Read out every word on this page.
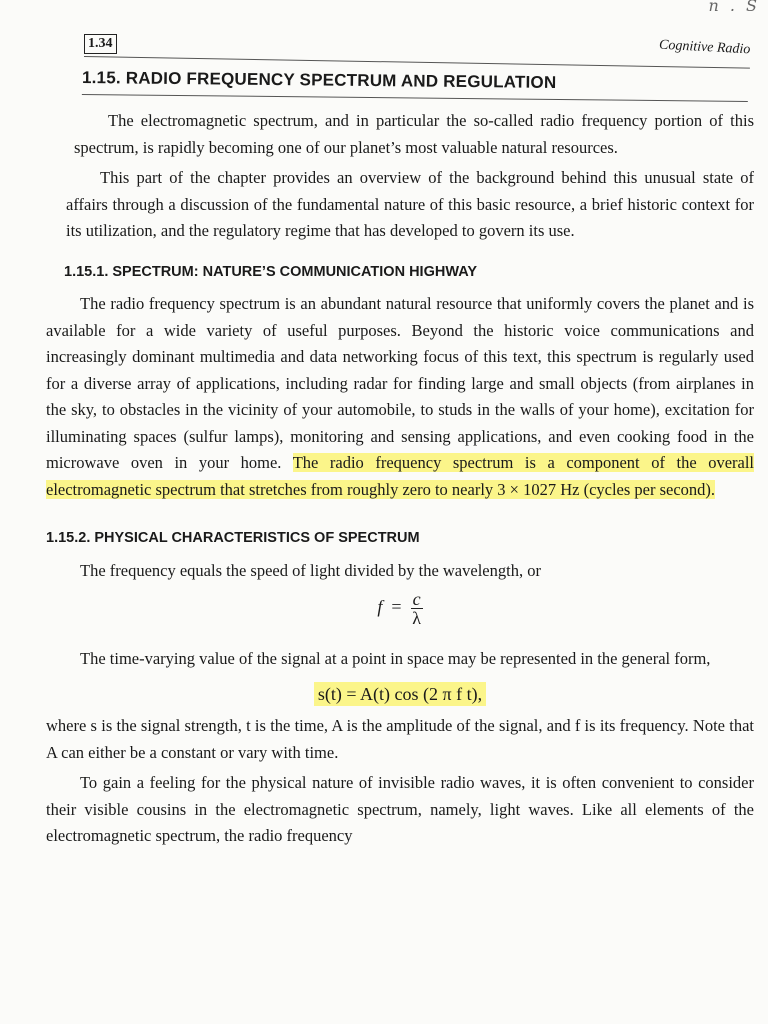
n . S
1.34	Cognitive Radio
1.15. RADIO FREQUENCY SPECTRUM AND REGULATION

The electromagnetic spectrum, and in particular the so-called radio frequency portion of this spectrum, is rapidly becoming one of our planet’s most valuable natural resources.

This part of the chapter provides an overview of the background behind this unusual state of affairs through a discussion of the fundamental nature of this basic resource, a brief historic context for its utilization, and the regulatory regime that has developed to govern its use.

1.15.1. SPECTRUM: NATURE’S COMMUNICATION HIGHWAY

The radio frequency spectrum is an abundant natural resource that uniformly covers the planet and is available for a wide variety of useful purposes. Beyond the historic voice communications and increasingly dominant multimedia and data networking focus of this text, this spectrum is regularly used for a diverse array of applications, including radar for finding large and small objects (from airplanes in the sky, to obstacles in the vicinity of your automobile, to studs in the walls of your home), excitation for illuminating spaces (sulfur lamps), monitoring and sensing applications, and even cooking food in the microwave oven in your home. The radio frequency spectrum is a component of the overall electromagnetic spectrum that stretches from roughly zero to nearly 3 × 1027 Hz (cycles per second).

1.15.2. PHYSICAL CHARACTERISTICS OF SPECTRUM

The frequency equals the speed of light divided by the wavelength, or

$f = \frac{c}{\lambda}$

The time-varying value of the signal at a point in space may be represented in the general form,

s(t) = A(t) cos (2 π f t),

where s is the signal strength, t is the time, A is the amplitude of the signal, and f is its frequency. Note that A can either be a constant or vary with time.

To gain a feeling for the physical nature of invisible radio waves, it is often convenient to consider their visible cousins in the electromagnetic spectrum, namely, light waves. Like all elements of the electromagnetic spectrum, the radio frequency
